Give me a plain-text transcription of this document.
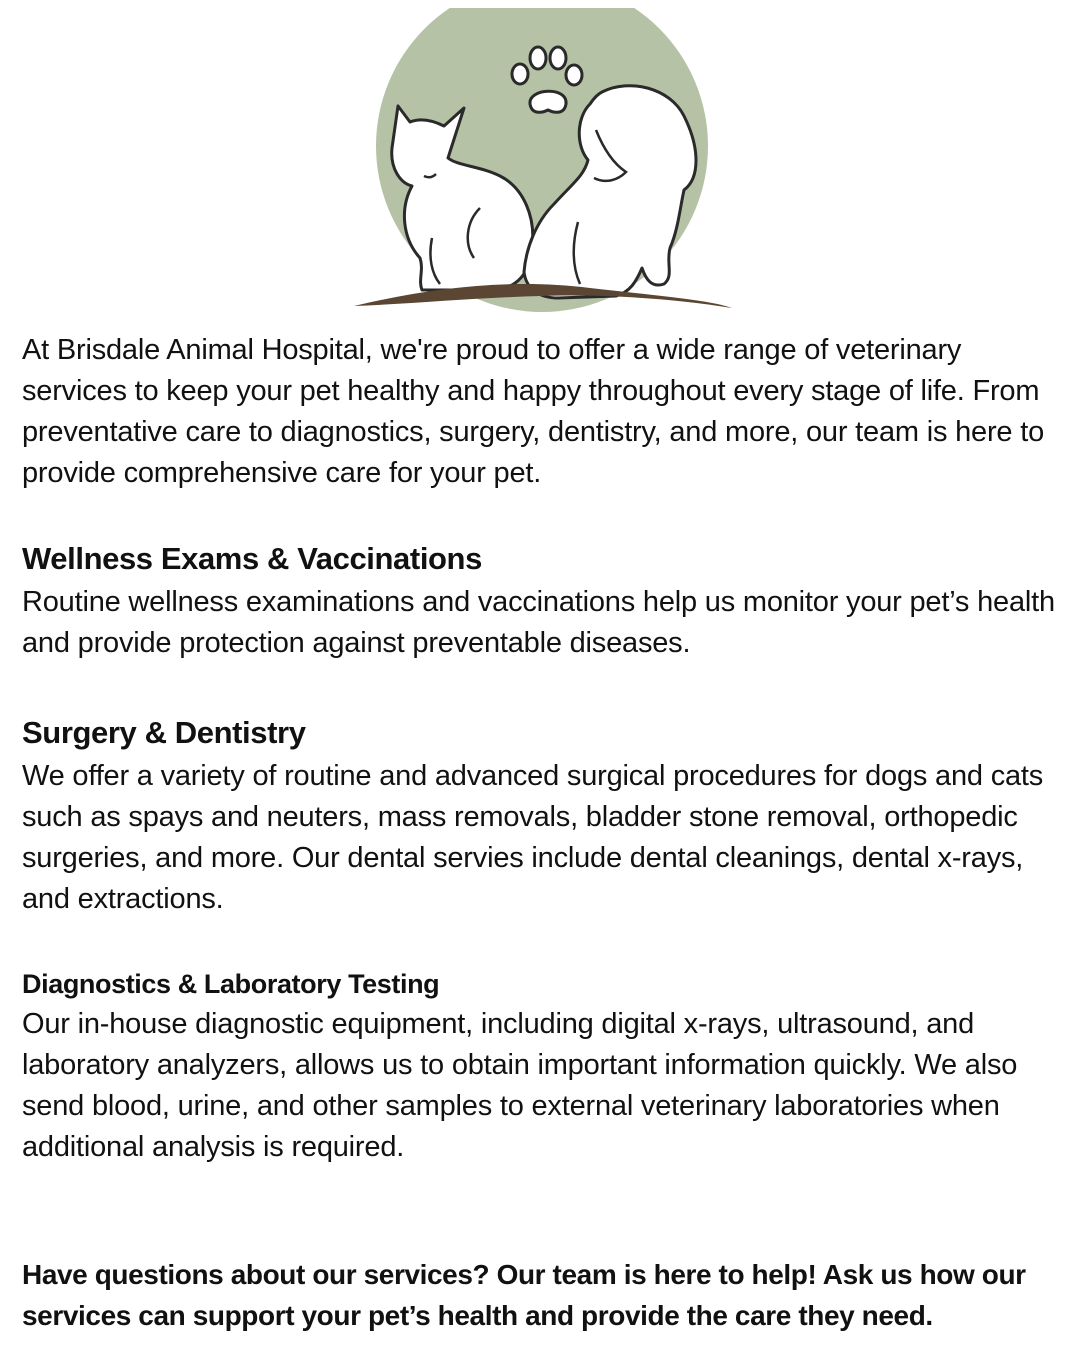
At Brisdale Animal Hospital, we're proud to offer a wide range of veterinary services to keep your pet healthy and happy throughout every stage of life. From preventative care to diagnostics, surgery, dentistry, and more, our team is here to provide comprehensive care for your pet.

Wellness Exams & Vaccinations

Routine wellness examinations and vaccinations help us monitor your pet’s health and provide protection against preventable diseases.

Surgery & Dentistry

We offer a variety of routine and advanced surgical procedures for dogs and cats such as spays and neuters, mass removals, bladder stone removal, orthopedic surgeries, and more. Our dental servies include dental cleanings, dental x-rays, and extractions.

Diagnostics & Laboratory Testing

Our in-house diagnostic equipment, including digital x-rays, ultrasound, and laboratory analyzers, allows us to obtain important information quickly. We also send blood, urine, and other samples to external veterinary laboratories when additional analysis is required.

Have questions about our services? Our team is here to help! Ask us how our services can support your pet’s health and provide the care they need.
